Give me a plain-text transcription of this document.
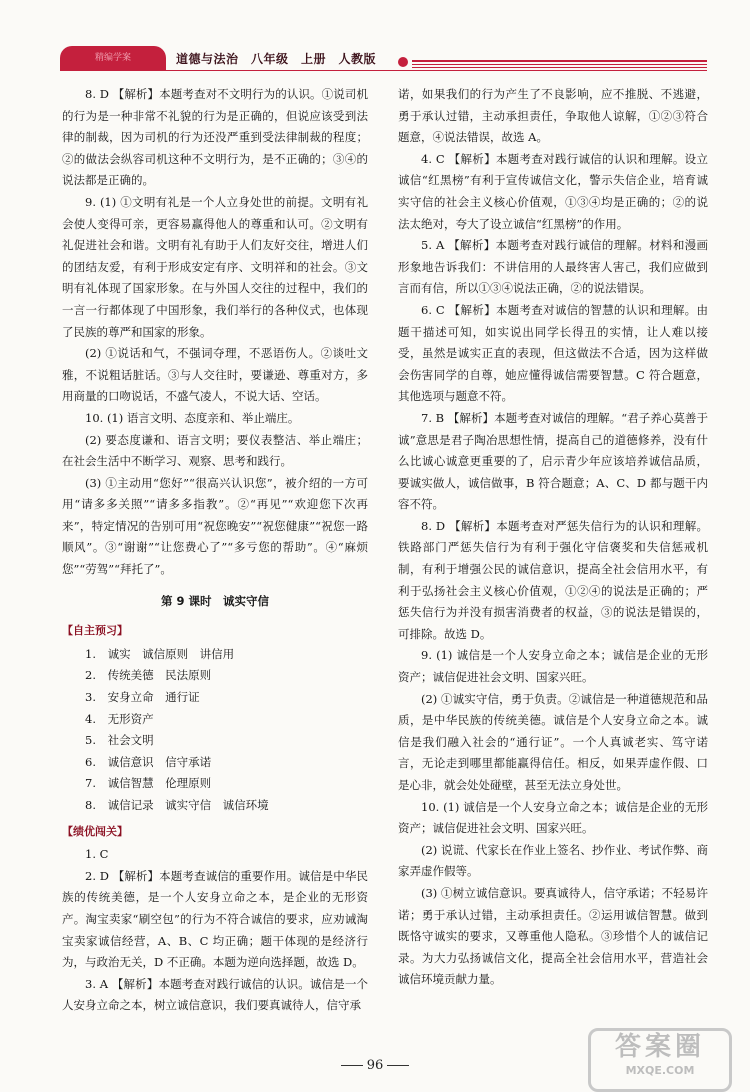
精编学案	道德与法治　八年级　上册　人教版

8. D 【解析】本题考查对不文明行为的认识。①说司机的行为是一种非常不礼貌的行为是正确的，但说应该受到法律的制裁，因为司机的行为还没严重到受法律制裁的程度；②的做法会纵容司机这种不文明行为，是不正确的；③④的说法都是正确的。

9. (1) ①文明有礼是一个人立身处世的前提。文明有礼会使人变得可亲，更容易赢得他人的尊重和认可。②文明有礼促进社会和谐。文明有礼有助于人们友好交往，增进人们的团结友爱，有利于形成安定有序、文明祥和的社会。③文明有礼体现了国家形象。在与外国人交往的过程中，我们的一言一行都体现了中国形象，我们举行的各种仪式，也体现了民族的尊严和国家的形象。

(2) ①说话和气，不强词夺理，不恶语伤人。②谈吐文雅，不说粗话脏话。③与人交往时，要谦逊、尊重对方，多用商量的口吻说话，不盛气凌人，不说大话、空话。

10. (1) 语言文明、态度亲和、举止端庄。

(2) 要态度谦和、语言文明；要仪表整洁、举止端庄；在社会生活中不断学习、观察、思考和践行。

(3) ①主动用“您好”“很高兴认识您”，被介绍的一方可用“请多多关照”“请多多指教”。②“再见”“欢迎您下次再来”，特定情况的告别可用“祝您晚安”“祝您健康”“祝您一路顺风”。③“谢谢”“让您费心了”“多亏您的帮助”。④“麻烦您”“劳驾”“拜托了”。

第 9 课时　诚实守信
【自主预习】

1. 诚实　诚信原则　讲信用

2. 传统美德　民法原则

3. 安身立命　通行证

4. 无形资产

5. 社会文明

6. 诚信意识　信守承诺

7. 诚信智慧　伦理原则

8. 诚信记录　诚实守信　诚信环境

【绩优闯关】

1. C

2. D 【解析】本题考查诚信的重要作用。诚信是中华民族的传统美德，是一个人安身立命之本，是企业的无形资产。淘宝卖家“刷空包”的行为不符合诚信的要求，应劝诫淘宝卖家诚信经营，A、B、C 均正确；题干体现的是经济行为，与政治无关，D 不正确。本题为逆向选择题，故选 D。

3. A 【解析】本题考查对践行诚信的认识。诚信是一个人安身立命之本，树立诚信意识，我们要真诚待人，信守承

诺，如果我们的行为产生了不良影响，应不推脱、不逃避，勇于承认过错，主动承担责任，争取他人谅解，①②③符合题意，④说法错误，故选 A。

4. C 【解析】本题考查对践行诚信的认识和理解。设立诚信“红黑榜”有利于宣传诚信文化，警示失信企业，培育诚实守信的社会主义核心价值观，①③④均是正确的；②的说法太绝对，夸大了设立诚信“红黑榜”的作用。

5. A 【解析】本题考查对践行诚信的理解。材料和漫画形象地告诉我们：不讲信用的人最终害人害己，我们应做到言而有信，所以①③④说法正确，②的说法错误。

6. C 【解析】本题考查对诚信的智慧的认识和理解。由题干描述可知，如实说出同学长得丑的实情，让人难以接受，虽然是诚实正直的表现，但这做法不合适，因为这样做会伤害同学的自尊，她应懂得诚信需要智慧。C 符合题意，其他选项与题意不符。

7. B 【解析】本题考查对诚信的理解。“君子养心莫善于诚”意思是君子陶冶思想性情，提高自己的道德修养，没有什么比诚心诚意更重要的了，启示青少年应该培养诚信品质，要诚实做人，诚信做事，B 符合题意；A、C、D 都与题干内容不符。

8. D 【解析】本题考查对严惩失信行为的认识和理解。铁路部门严惩失信行为有利于强化守信褒奖和失信惩戒机制，有利于增强公民的诚信意识，提高全社会信用水平，有利于弘扬社会主义核心价值观，①②④的说法是正确的；严惩失信行为并没有损害消费者的权益，③的说法是错误的，可排除。故选 D。

9. (1) 诚信是一个人安身立命之本；诚信是企业的无形资产；诚信促进社会文明、国家兴旺。

(2) ①诚实守信，勇于负责。②诚信是一种道德规范和品质，是中华民族的传统美德。诚信是个人安身立命之本。诚信是我们融入社会的“通行证”。一个人真诚老实、笃守诺言，无论走到哪里都能赢得信任。相反，如果弄虚作假、口是心非，就会处处碰壁，甚至无法立身处世。

10. (1) 诚信是一个人安身立命之本；诚信是企业的无形资产；诚信促进社会文明、国家兴旺。

(2) 说谎、代家长在作业上签名、抄作业、考试作弊、商家弄虚作假等。

(3) ①树立诚信意识。要真诚待人，信守承诺；不轻易许诺；勇于承认过错，主动承担责任。②运用诚信智慧。做到既恪守诚实的要求，又尊重他人隐私。③珍惜个人的诚信记录。为大力弘扬诚信文化，提高全社会信用水平，营造社会诚信环境贡献力量。

96
答案圈
MXQE.COM
